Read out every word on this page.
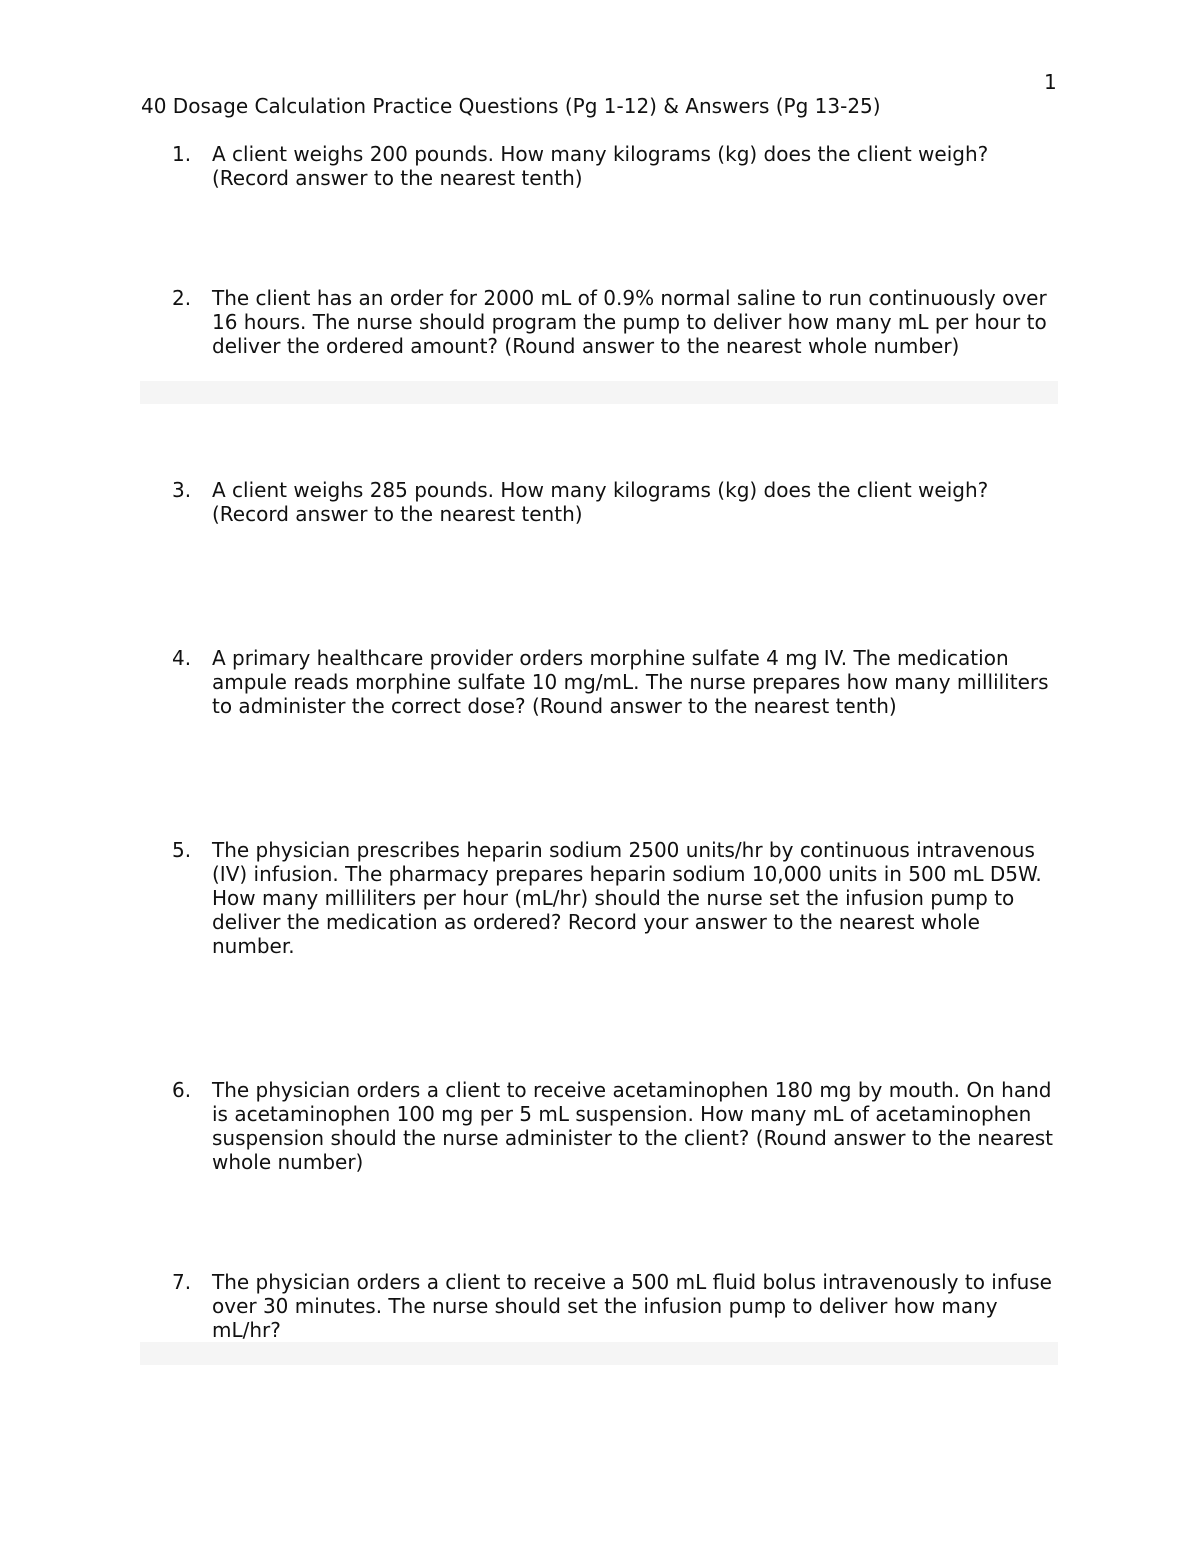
1
40 Dosage Calculation Practice Questions (Pg 1-12) & Answers (Pg 13-25)
1.	A client weighs 200 pounds. How many kilograms (kg) does the client weigh? (Record answer to the nearest tenth)
2.	The client has an order for 2000 mL of 0.9% normal saline to run continuously over 16 hours. The nurse should program the pump to deliver how many mL per hour to deliver the ordered amount? (Round answer to the nearest whole number)
3.	A client weighs 285 pounds. How many kilograms (kg) does the client weigh? (Record answer to the nearest tenth)
4.	A primary healthcare provider orders morphine sulfate 4 mg IV. The medication ampule reads morphine sulfate 10 mg/mL. The nurse prepares how many milliliters to administer the correct dose? (Round answer to the nearest tenth)
5.	The physician prescribes heparin sodium 2500 units/hr by continuous intravenous (IV) infusion. The pharmacy prepares heparin sodium 10,000 units in 500 mL D5W. How many milliliters per hour (mL/hr) should the nurse set the infusion pump to deliver the medication as ordered? Record your answer to the nearest whole number.
6.	The physician orders a client to receive acetaminophen 180 mg by mouth. On hand is acetaminophen 100 mg per 5 mL suspension. How many mL of acetaminophen suspension should the nurse administer to the client? (Round answer to the nearest whole number)
7.	The physician orders a client to receive a 500 mL fluid bolus intravenously to infuse over 30 minutes. The nurse should set the infusion pump to deliver how many mL/hr?
